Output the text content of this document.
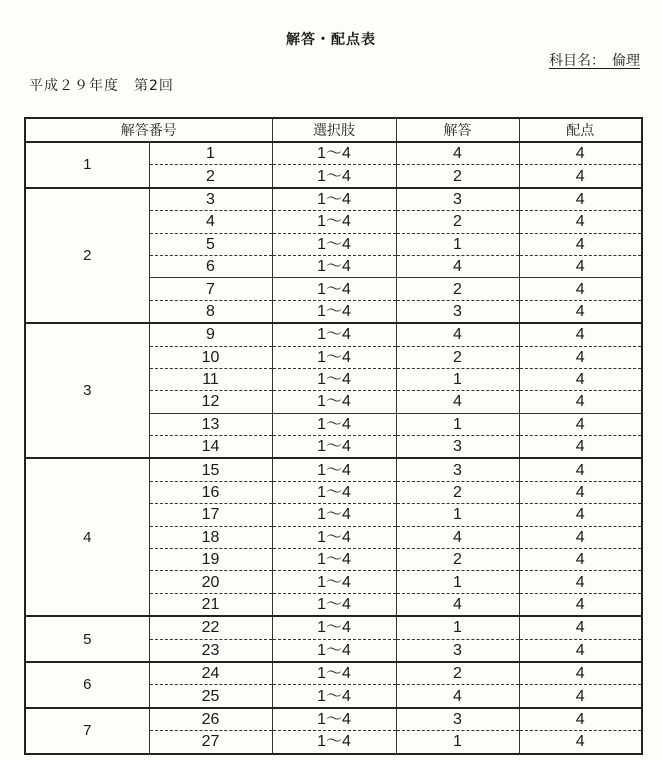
解答・配点表
科目名：　倫理
平成２９年度　第2回
解答番号		選択肢	解答	配点
1	1	1〜4	4	4
	2	1〜4	2	4
2	3	1〜4	3	4
	4	1〜4	2	4
	5	1〜4	1	4
	6	1〜4	4	4
	7	1〜4	2	4
	8	1〜4	3	4
3	9	1〜4	4	4
	10	1〜4	2	4
	11	1〜4	1	4
	12	1〜4	4	4
	13	1〜4	1	4
	14	1〜4	3	4
4	15	1〜4	3	4
	16	1〜4	2	4
	17	1〜4	1	4
	18	1〜4	4	4
	19	1〜4	2	4
	20	1〜4	1	4
	21	1〜4	4	4
5	22	1〜4	1	4
	23	1〜4	3	4
6	24	1〜4	2	4
	25	1〜4	4	4
7	26	1〜4	3	4
	27	1〜4	1	4
